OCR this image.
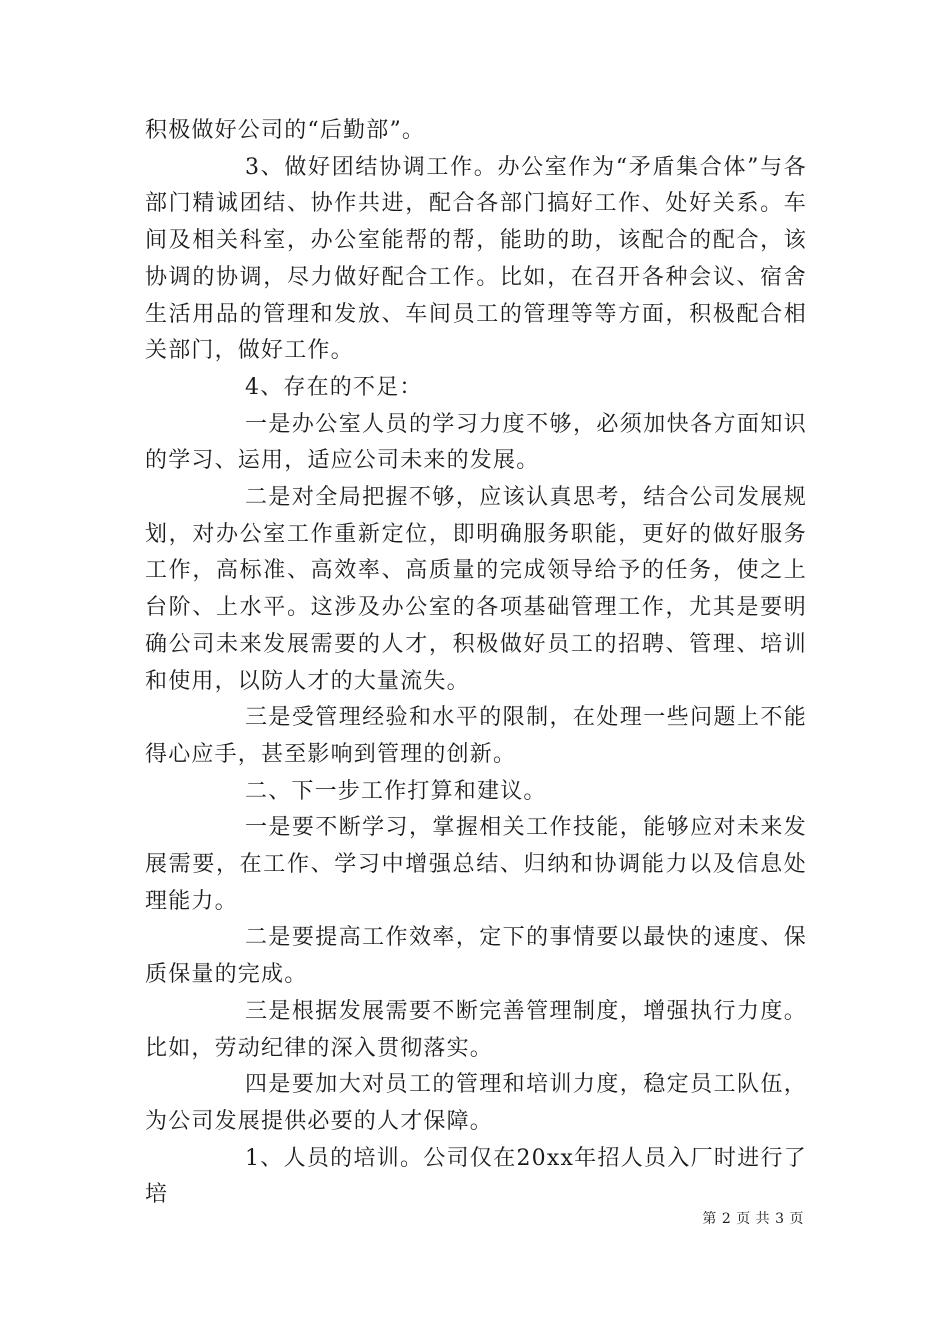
积极做好公司的“后勤部”。

3、做好团结协调工作。办公室作为“矛盾集合体”与各部门精诚团结、协作共进，配合各部门搞好工作、处好关系。车间及相关科室，办公室能帮的帮，能助的助，该配合的配合，该协调的协调，尽力做好配合工作。比如，在召开各种会议、宿舍生活用品的管理和发放、车间员工的管理等等方面，积极配合相关部门，做好工作。

4、存在的不足：

一是办公室人员的学习力度不够，必须加快各方面知识的学习、运用，适应公司未来的发展。

二是对全局把握不够，应该认真思考，结合公司发展规划，对办公室工作重新定位，即明确服务职能，更好的做好服务工作，高标准、高效率、高质量的完成领导给予的任务，使之上台阶、上水平。这涉及办公室的各项基础管理工作，尤其是要明确公司未来发展需要的人才，积极做好员工的招聘、管理、培训和使用，以防人才的大量流失。

三是受管理经验和水平的限制，在处理一些问题上不能得心应手，甚至影响到管理的创新。

二、下一步工作打算和建议。

一是要不断学习，掌握相关工作技能，能够应对未来发展需要，在工作、学习中增强总结、归纳和协调能力以及信息处理能力。

二是要提高工作效率，定下的事情要以最快的速度、保质保量的完成。

三是根据发展需要不断完善管理制度，增强执行力度。比如，劳动纪律的深入贯彻落实。

四是要加大对员工的管理和培训力度，稳定员工队伍，为公司发展提供必要的人才保障。

1、人员的培训。公司仅在20xx年招人员入厂时进行了培

第 2 页 共 3 页
